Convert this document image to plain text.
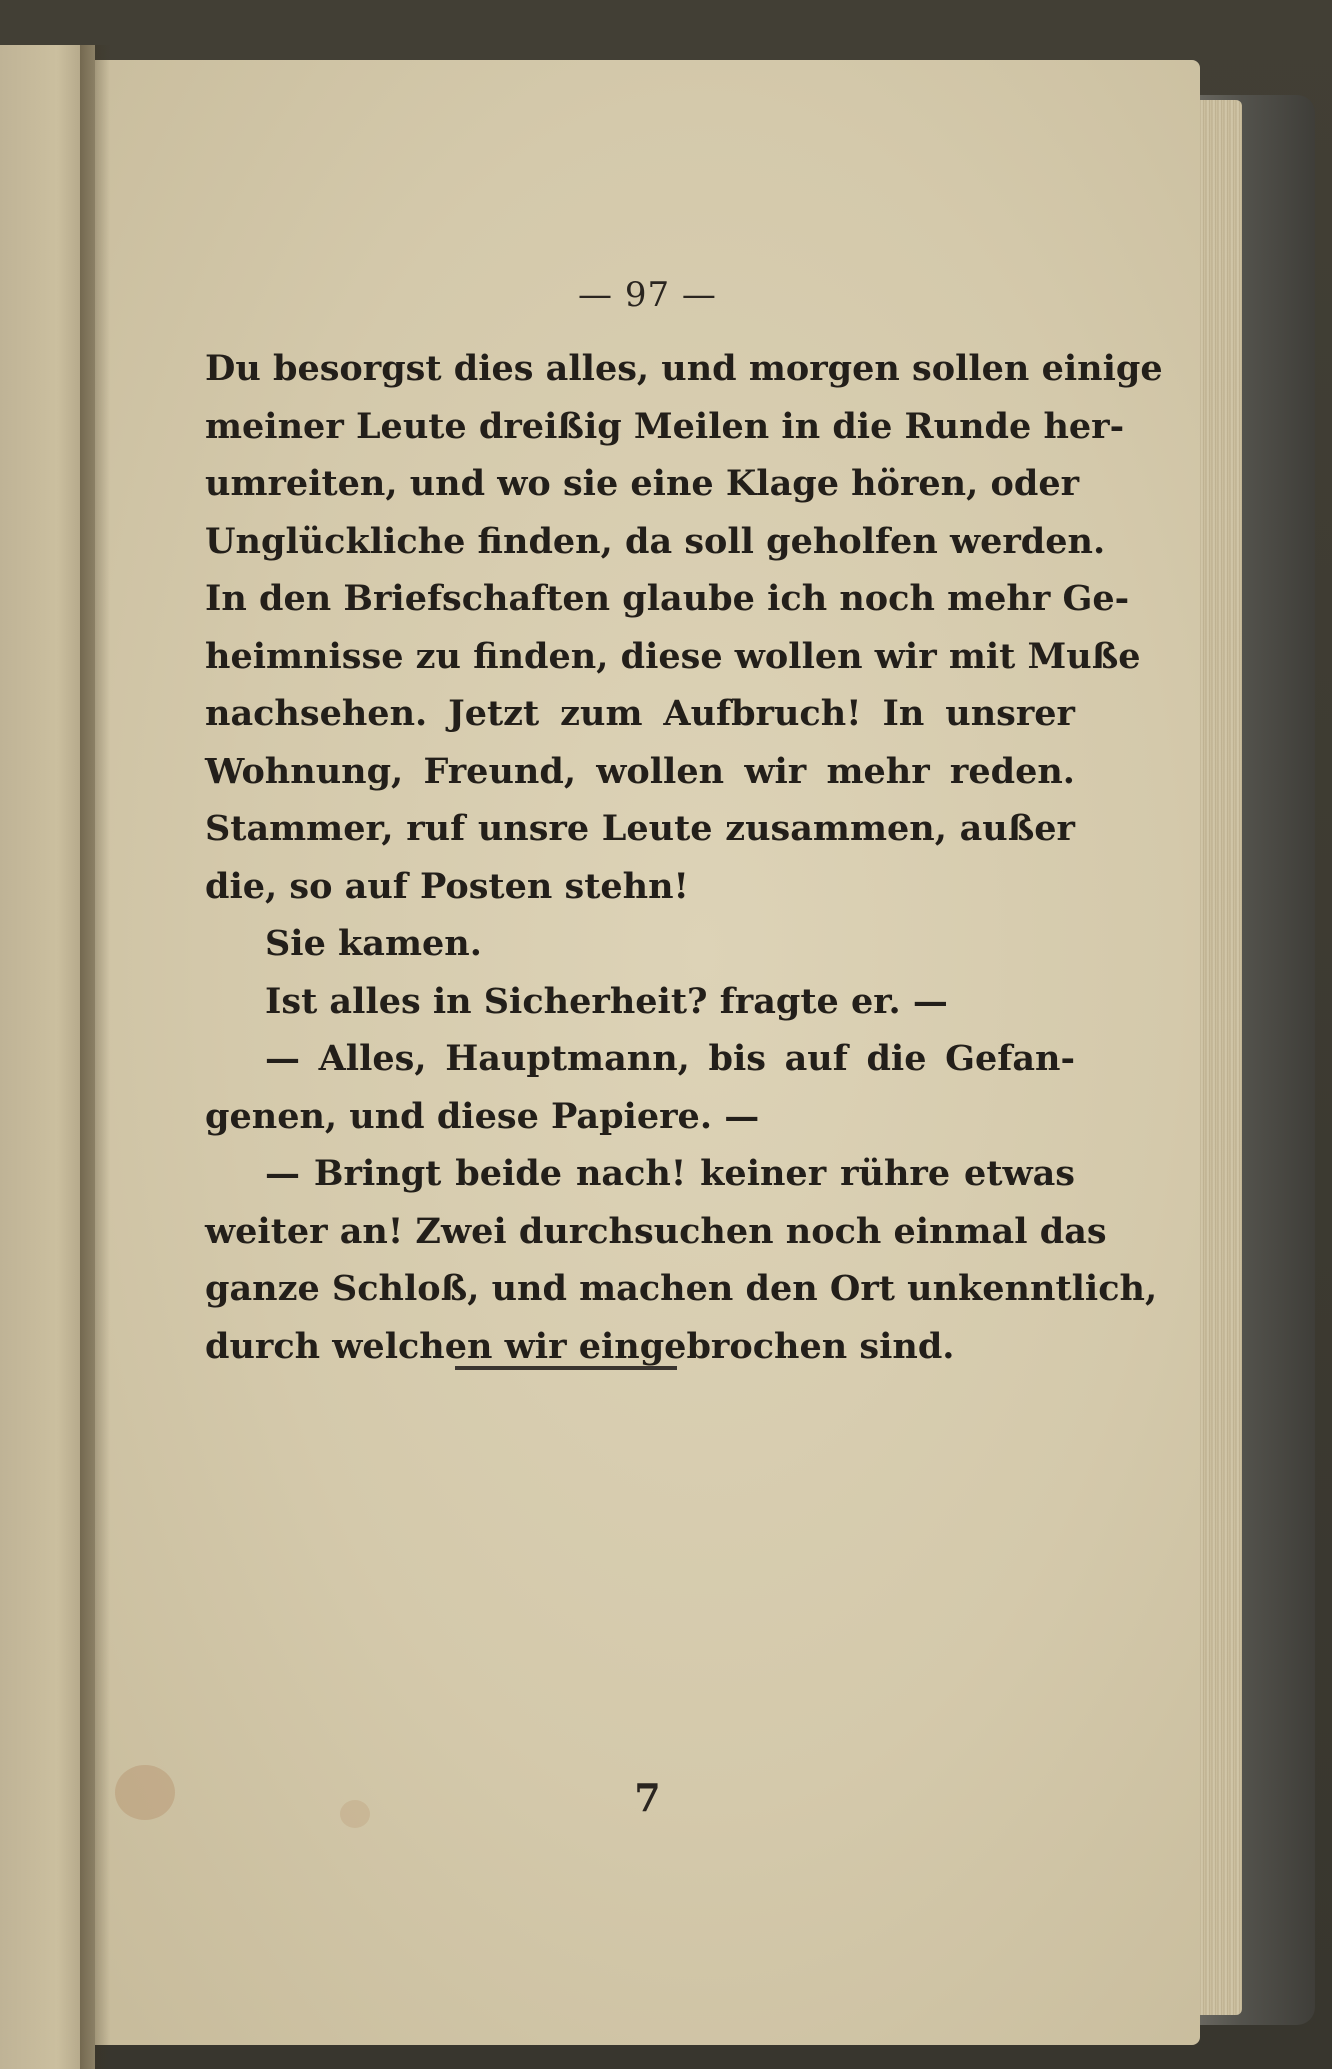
— 97 —
Du besorgst dies alles, und morgen sollen einige
meiner Leute dreißig Meilen in die Runde her-
umreiten, und wo sie eine Klage hören, oder
Unglückliche finden, da soll geholfen werden.
In den Briefschaften glaube ich noch mehr Ge-
heimnisse zu finden, diese wollen wir mit Muße
nachsehen. Jetzt zum Aufbruch! In unsrer
Wohnung, Freund, wollen wir mehr reden.
Stammer, ruf unsre Leute zusammen, außer
die, so auf Posten stehn!
Sie kamen.
Ist alles in Sicherheit? fragte er. —
— Alles, Hauptmann, bis auf die Gefan-
genen, und diese Papiere. —
— Bringt beide nach! keiner rühre etwas
weiter an! Zwei durchsuchen noch einmal das
ganze Schloß, und machen den Ort unkenntlich,
durch welchen wir eingebrochen sind.
7
